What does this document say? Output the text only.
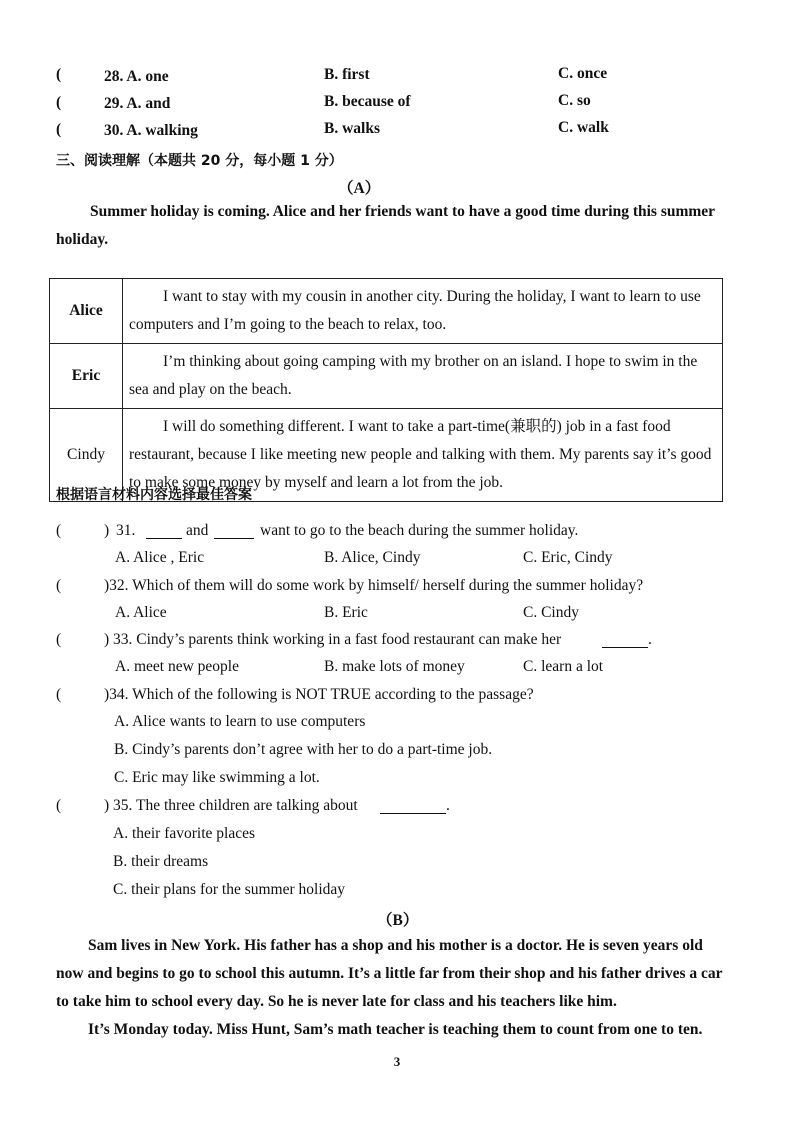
(	28. A. one	B. first	C. once
(	29. A. and	B. because of	C. so
(	30. A. walking	B. walks	C. walk
三、阅读理解（本题共 20 分，每小题 1 分）
（A）
Summer holiday is coming. Alice and her friends want to have a good time during this summer
holiday.
Alice	I want to stay with my cousin in another city. During the holiday, I want to learn to use computers and I’m going to the beach to relax, too.
Eric	I’m thinking about going camping with my brother on an island. I hope to swim in the sea and play on the beach.
Cindy	I will do something different. I want to take a part-time(兼职的) job in a fast food restaurant, because I like meeting new people and talking with them. My parents say it’s good to make some money by myself and learn a lot from the job.
根据语言材料内容选择最佳答案
(	) 31.	and	want to go to the beach during the summer holiday.
A. Alice , Eric	B. Alice, Cindy	C. Eric, Cindy
(	)32. Which of them will do some work by himself/ herself during the summer holiday?
A. Alice	B. Eric	C. Cindy
(	) 33. Cindy’s parents think working in a fast food restaurant can make her	.
A. meet new people	B. make lots of money	C. learn a lot
(	)34. Which of the following is NOT TRUE according to the passage?
A. Alice wants to learn to use computers
B. Cindy’s parents don’t agree with her to do a part-time job.
C. Eric may like swimming a lot.
(	) 35. The three children are talking about	.
A. their favorite places
B. their dreams
C. their plans for the summer holiday
（B）
Sam lives in New York. His father has a shop and his mother is a doctor. He is seven years old
now and begins to go to school this autumn. It’s a little far from their shop and his father drives a car
to take him to school every day. So he is never late for class and his teachers like him.
It’s Monday today. Miss Hunt, Sam’s math teacher is teaching them to count from one to ten.
3
